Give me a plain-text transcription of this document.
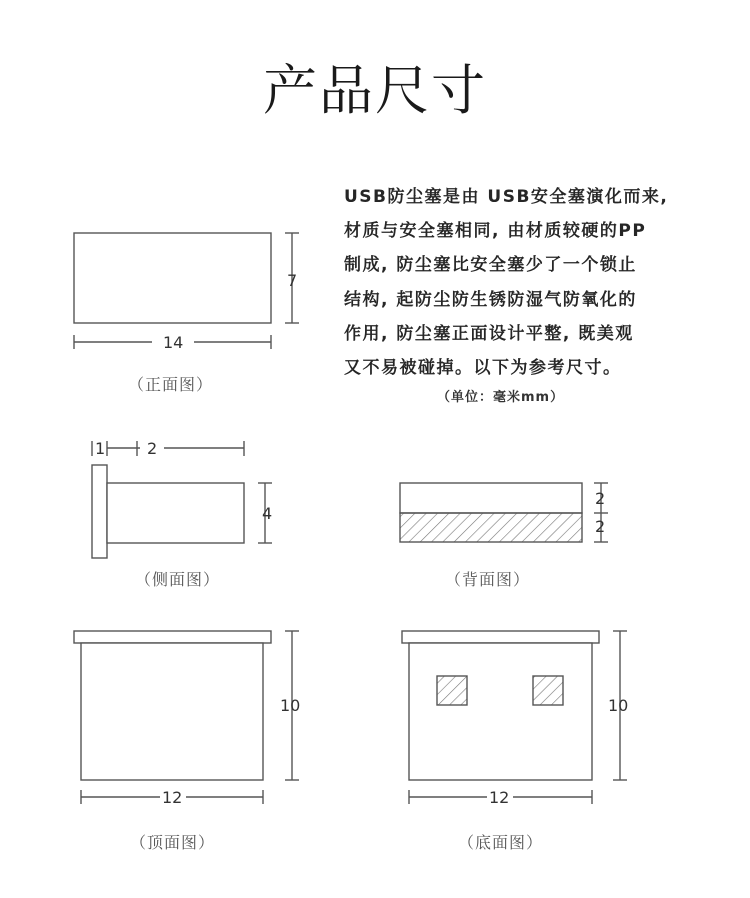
产品尺寸
USB防尘塞是由 USB安全塞演化而来,
材质与安全塞相同, 由材质较硬的PP
制成, 防尘塞比安全塞少了一个锁止
结构, 起防尘防生锈防湿气防氧化的
作用, 防尘塞正面设计平整, 既美观
又不易被碰掉。以下为参考尺寸。
（单位：毫米mm）
7
14
1	2
4
2
2
10
12
10
12
（正面图）
（侧面图）	（背面图）
（顶面图）	（底面图）
